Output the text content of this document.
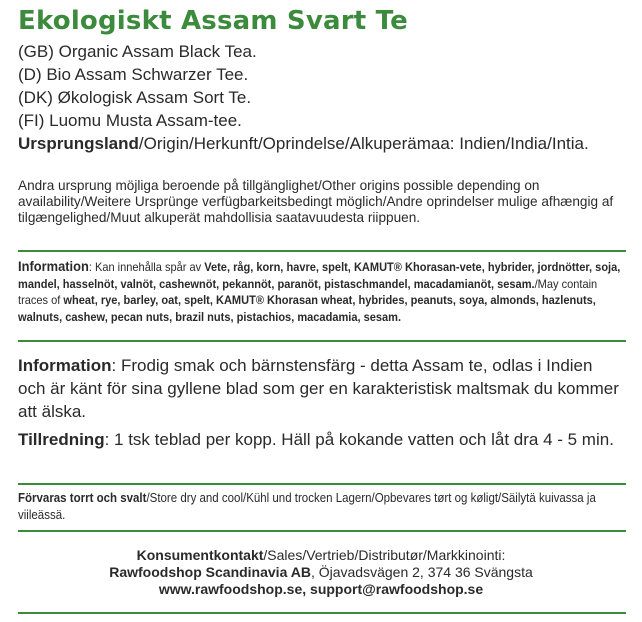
Ekologiskt Assam Svart Te
(GB) Organic Assam Black Tea.
(D) Bio Assam Schwarzer Tee.
(DK) Økologisk Assam Sort Te.
(FI) Luomu Musta Assam-tee.
Ursprungsland/Origin/Herkunft/Oprindelse/Alkuperämaa: Indien/India/Intia.
Andra ursprung möjliga beroende på tillgänglighet/Other origins possible depending on availability/Weitere Ursprünge verfügbarkeitsbedingt möglich/Andre oprindelser mulige afhængig af tilgængelighed/Muut alkuperät mahdollisia saatavuudesta riippuen.
Information: Kan innehålla spår av Vete, råg, korn, havre, spelt, KAMUT® Khorasan-vete, hybrider, jordnötter, soja, mandel, hasselnöt, valnöt, cashewnöt, pekannöt, paranöt, pistaschmandel, macadamianöt, sesam./May contain traces of wheat, rye, barley, oat, spelt, KAMUT® Khorasan wheat, hybrides, peanuts, soya, almonds, hazlenuts, walnuts, cashew, pecan nuts, brazil nuts, pistachios, macadamia, sesam.
Information: Frodig smak och bärnstensfärg - detta Assam te, odlas i Indien och är känt för sina gyllene blad som ger en karakteristisk maltsmak du kommer att älska.
Tillredning: 1 tsk teblad per kopp. Häll på kokande vatten och låt dra 4 - 5 min.
Förvaras torrt och svalt/Store dry and cool/Kühl und trocken Lagern/Opbevares tørt og køligt/Säilytä kuivassa ja viileässä.
Konsumentkontakt/Sales/Vertrieb/Distributør/Markkinointi:
Rawfoodshop Scandinavia AB, Öjavadsvägen 2, 374 36 Svängsta
www.rawfoodshop.se, support@rawfoodshop.se
